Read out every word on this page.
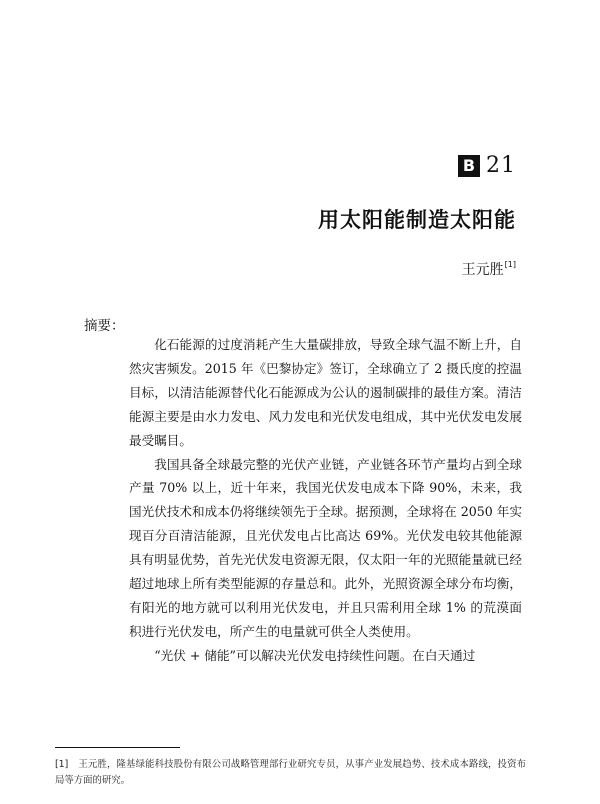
B 21
用太阳能制造太阳能
王元胜[1]
摘要：

化石能源的过度消耗产生大量碳排放，导致全球气温不断上升，自然灾害频发。2015 年《巴黎协定》签订，全球确立了 2 摄氏度的控温目标，以清洁能源替代化石能源成为公认的遏制碳排的最佳方案。清洁能源主要是由水力发电、风力发电和光伏发电组成，其中光伏发电发展最受瞩目。

我国具备全球最完整的光伏产业链，产业链各环节产量均占到全球产量 70% 以上，近十年来，我国光伏发电成本下降 90%，未来，我国光伏技术和成本仍将继续领先于全球。据预测，全球将在 2050 年实现百分百清洁能源，且光伏发电占比高达 69%。光伏发电较其他能源具有明显优势，首先光伏发电资源无限，仅太阳一年的光照能量就已经超过地球上所有类型能源的存量总和。此外，光照资源全球分布均衡，有阳光的地方就可以利用光伏发电，并且只需利用全球 1% 的荒漠面积进行光伏发电，所产生的电量就可供全人类使用。

“光伏 + 储能”可以解决光伏发电持续性问题。在白天通过

[1] 王元胜，隆基绿能科技股份有限公司战略管理部行业研究专员，从事产业发展趋势、技术成本路线，投资布局等方面的研究。
